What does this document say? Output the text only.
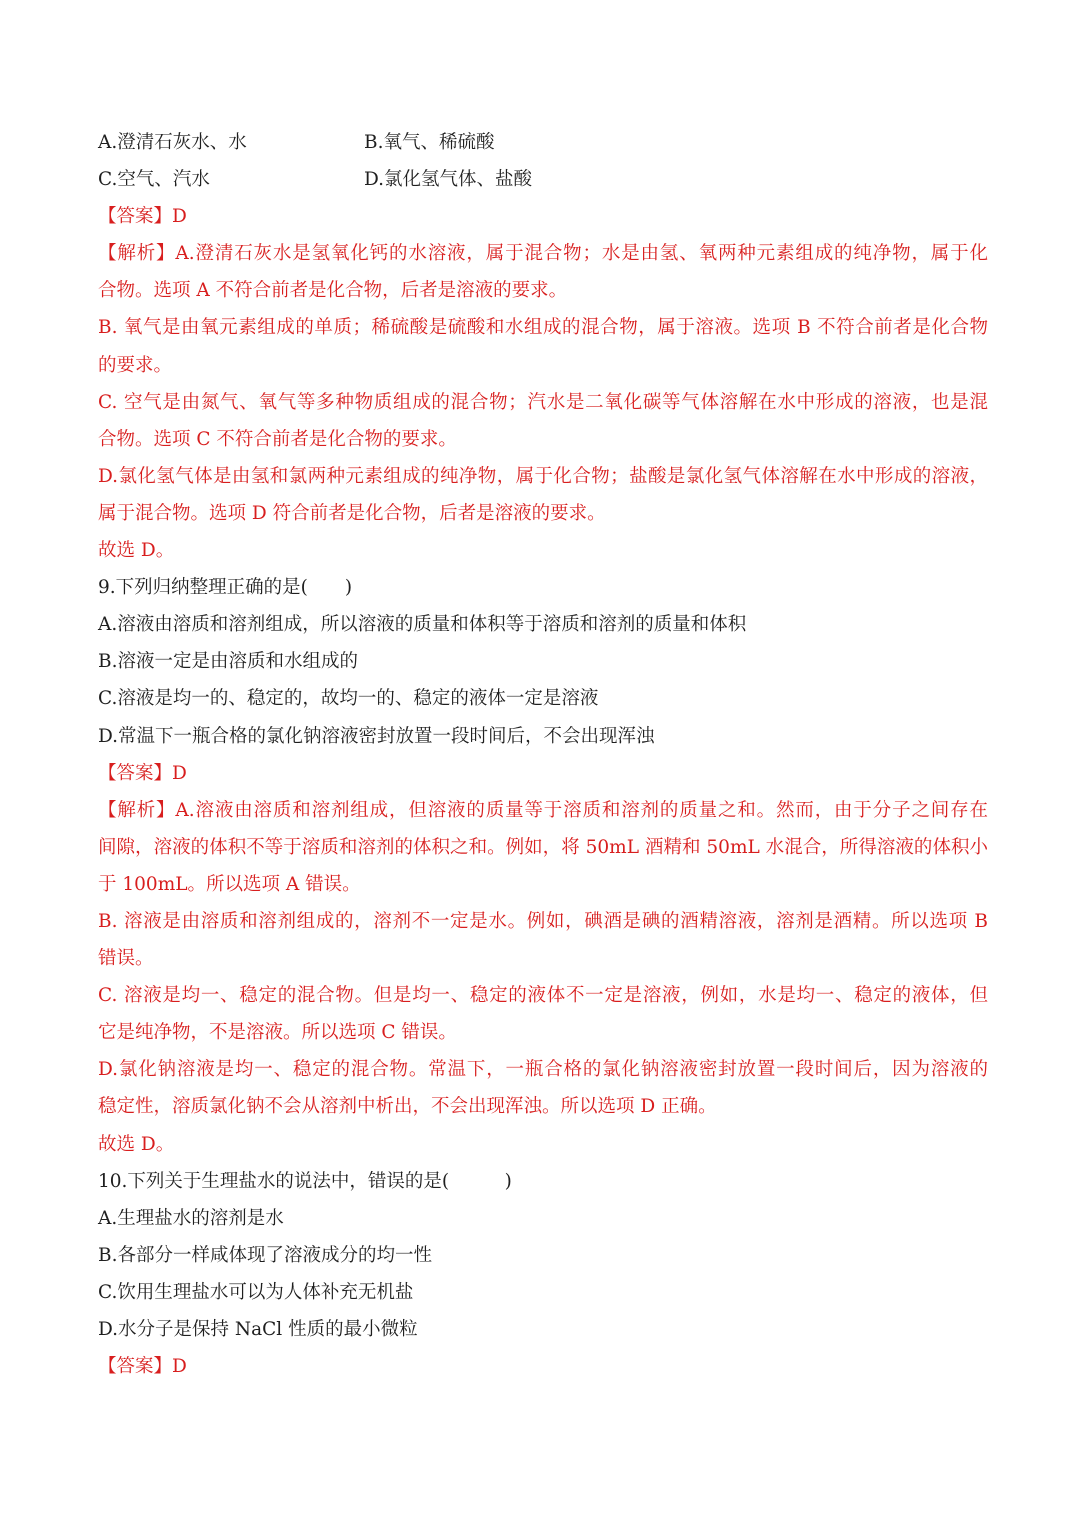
A.澄清石灰水、水	B.氧气、稀硫酸
C.空气、汽水	D.氯化氢气体、盐酸
【答案】D
【解析】A.澄清石灰水是氢氧化钙的水溶液，属于混合物；水是由氢、氧两种元素组成的纯净物，属于化
合物。选项 A 不符合前者是化合物，后者是溶液的要求。
B. 氧气是由氧元素组成的单质；稀硫酸是硫酸和水组成的混合物，属于溶液。选项 B 不符合前者是化合物
的要求。
C. 空气是由氮气、氧气等多种物质组成的混合物；汽水是二氧化碳等气体溶解在水中形成的溶液，也是混
合物。选项 C 不符合前者是化合物的要求。
D.氯化氢气体是由氢和氯两种元素组成的纯净物，属于化合物；盐酸是氯化氢气体溶解在水中形成的溶液，
属于混合物。选项 D 符合前者是化合物，后者是溶液的要求。
故选 D。
9.下列归纳整理正确的是(　　)
A.溶液由溶质和溶剂组成，所以溶液的质量和体积等于溶质和溶剂的质量和体积
B.溶液一定是由溶质和水组成的
C.溶液是均一的、稳定的，故均一的、稳定的液体一定是溶液
D.常温下一瓶合格的氯化钠溶液密封放置一段时间后，不会出现浑浊
【答案】D
【解析】A.溶液由溶质和溶剂组成，但溶液的质量等于溶质和溶剂的质量之和。然而，由于分子之间存在
间隙，溶液的体积不等于溶质和溶剂的体积之和。例如，将 50mL 酒精和 50mL 水混合，所得溶液的体积小
于 100mL。所以选项 A 错误。
B. 溶液是由溶质和溶剂组成的，溶剂不一定是水。例如，碘酒是碘的酒精溶液，溶剂是酒精。所以选项 B
错误。
C. 溶液是均一、稳定的混合物。但是均一、稳定的液体不一定是溶液，例如，水是均一、稳定的液体，但
它是纯净物，不是溶液。所以选项 C 错误。
D.氯化钠溶液是均一、稳定的混合物。常温下，一瓶合格的氯化钠溶液密封放置一段时间后，因为溶液的
稳定性，溶质氯化钠不会从溶剂中析出，不会出现浑浊。所以选项 D 正确。
故选 D。
10.下列关于生理盐水的说法中，错误的是(　　　)
A.生理盐水的溶剂是水
B.各部分一样咸体现了溶液成分的均一性
C.饮用生理盐水可以为人体补充无机盐
D.水分子是保持 NaCl 性质的最小微粒
【答案】D
